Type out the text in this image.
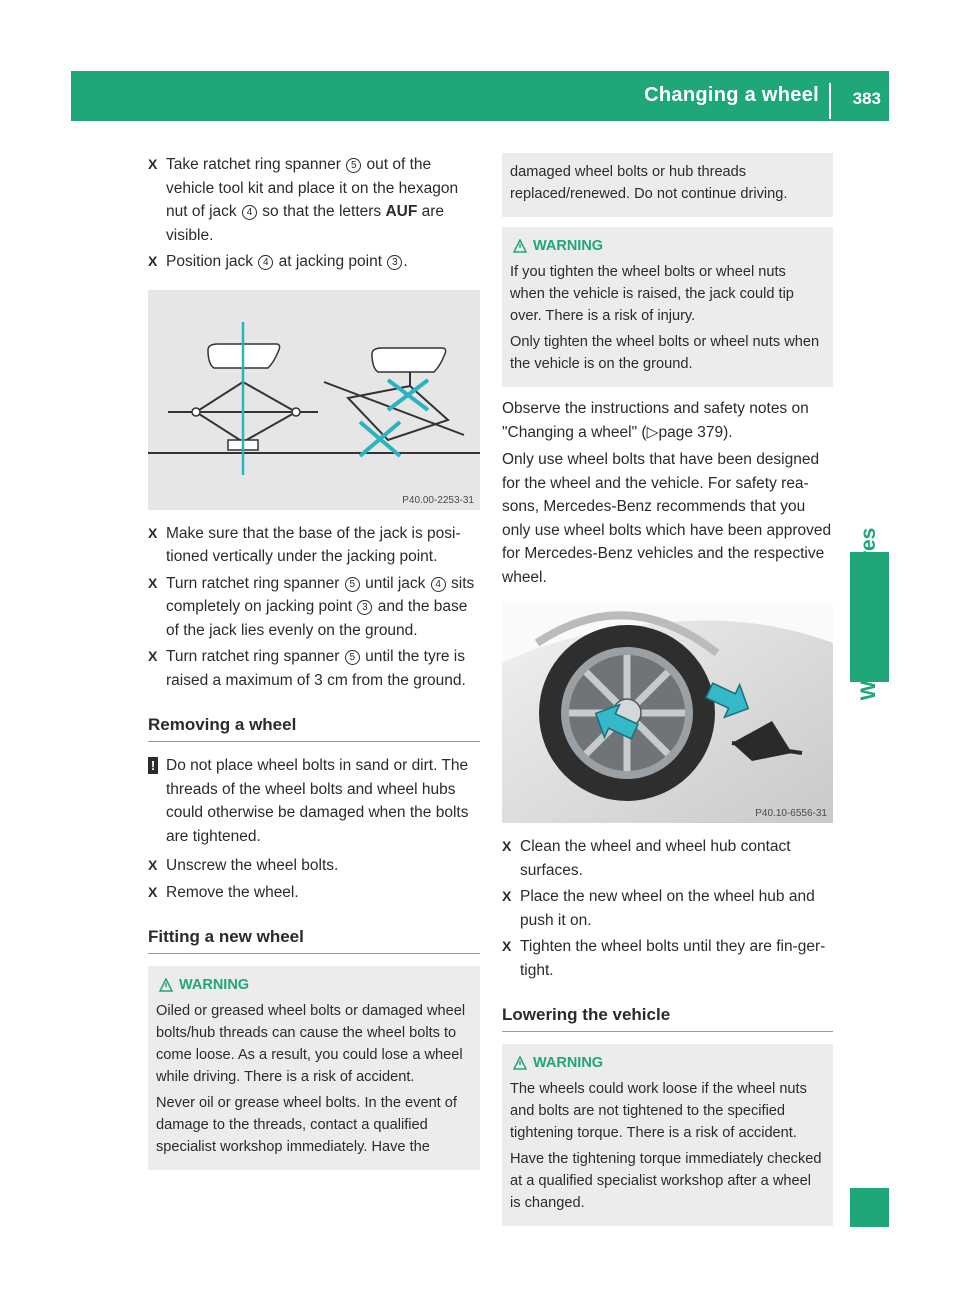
Changing a wheel 383
Wheels and tyres
X Take ratchet ring spanner 5 out of the vehicle tool kit and place it on the hexagon nut of jack 4 so that the letters AUF are visible.
X Position jack 4 at jacking point 3 .
P40.00-2253-31
X Make sure that the base of the jack is posi-tioned vertically under the jacking point.
X Turn ratchet ring spanner 5 until jack 4 sits completely on jacking point 3 and the base of the jack lies evenly on the ground.
X Turn ratchet ring spanner 5 until the tyre is raised a maximum of 3 cm from the ground.
Removing a wheel
! Do not place wheel bolts in sand or dirt. The threads of the wheel bolts and wheel hubs could otherwise be damaged when the bolts are tightened.
X Unscrew the wheel bolts.
X Remove the wheel.
Fitting a new wheel
WARNING

Oiled or greased wheel bolts or damaged wheel bolts/hub threads can cause the wheel bolts to come loose. As a result, you could lose a wheel while driving. There is a risk of accident.

Never oil or grease wheel bolts. In the event of damage to the threads, contact a qualified specialist workshop immediately. Have the

damaged wheel bolts or hub threads replaced/renewed. Do not continue driving.

WARNING

If you tighten the wheel bolts or wheel nuts when the vehicle is raised, the jack could tip over. There is a risk of injury.

Only tighten the wheel bolts or wheel nuts when the vehicle is on the ground.

Observe the instructions and safety notes on "Changing a wheel" (▷page 379).

Only use wheel bolts that have been designed for the wheel and the vehicle. For safety rea-sons, Mercedes-Benz recommends that you only use wheel bolts which have been approved for Mercedes-Benz vehicles and the respective wheel.

P40.10-6556-31
X Clean the wheel and wheel hub contact surfaces.
X Place the new wheel on the wheel hub and push it on.
X Tighten the wheel bolts until they are fin-ger-tight.
Lowering the vehicle
WARNING

The wheels could work loose if the wheel nuts and bolts are not tightened to the specified tightening torque. There is a risk of accident.

Have the tightening torque immediately checked at a qualified specialist workshop after a wheel is changed.
